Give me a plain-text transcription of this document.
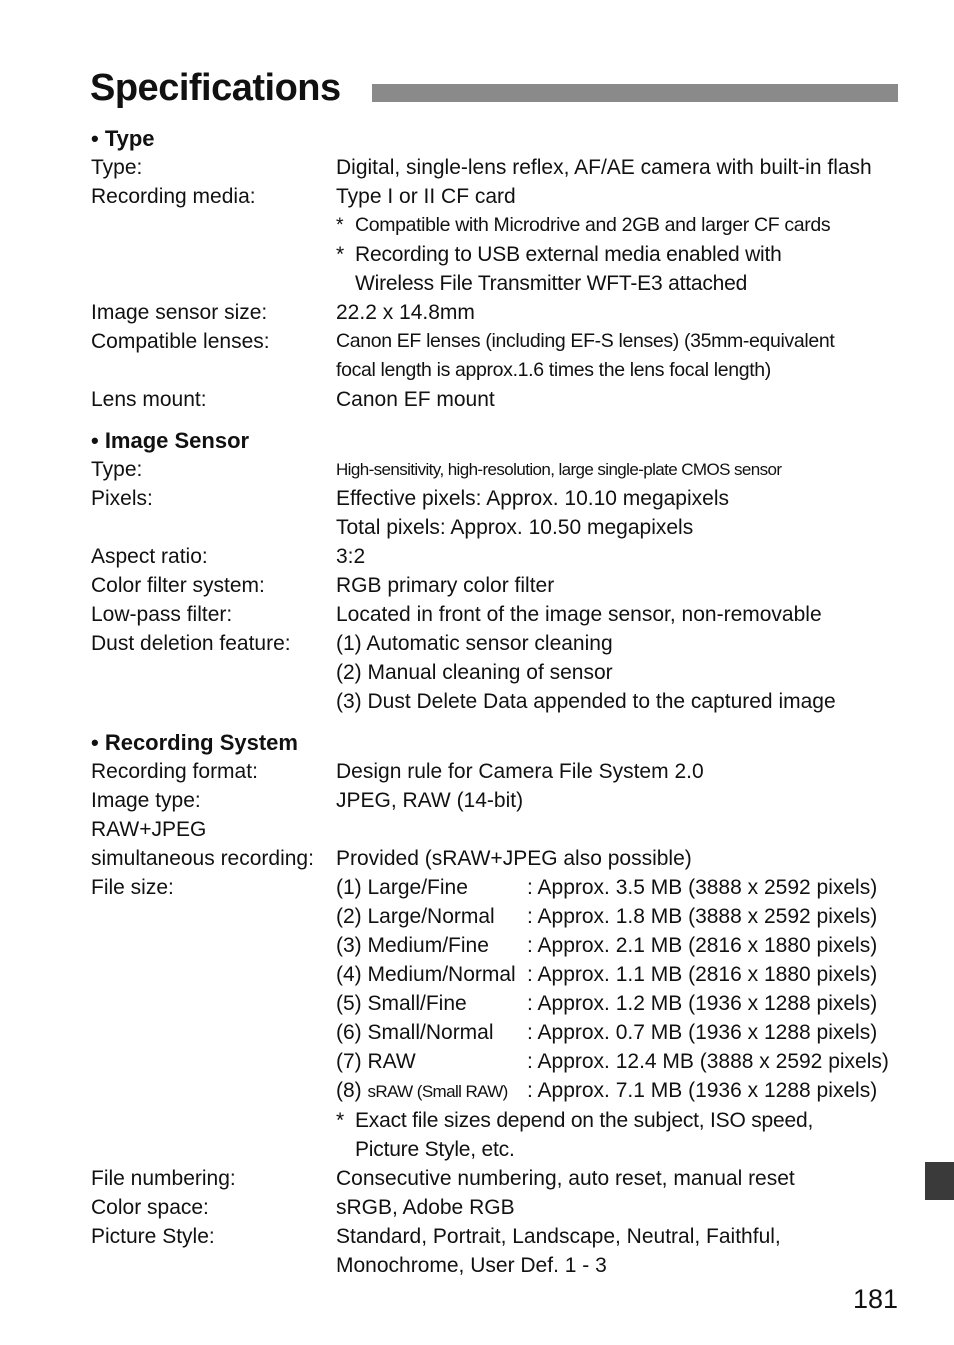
Specifications

• Type

Type:	Digital, single-lens reflex, AF/AE camera with built-in flash
Recording media:	Type I or II CF card
* Compatible with Microdrive and 2GB and larger CF cards
* Recording to USB external media enabled with
Wireless File Transmitter WFT-E3 attached
Image sensor size:	22.2 x 14.8mm
Compatible lenses:	Canon EF lenses (including EF-S lenses) (35mm-equivalent
focal length is approx.1.6 times the lens focal length)
Lens mount:	Canon EF mount

• Image Sensor

Type:	High-sensitivity, high-resolution, large single-plate CMOS sensor
Pixels:	Effective pixels: Approx. 10.10 megapixels
Total pixels: Approx. 10.50 megapixels
Aspect ratio:	3:2
Color filter system:	RGB primary color filter
Low-pass filter:	Located in front of the image sensor, non-removable
Dust deletion feature:	(1) Automatic sensor cleaning
(2) Manual cleaning of sensor
(3) Dust Delete Data appended to the captured image

• Recording System

Recording format:	Design rule for Camera File System 2.0
Image type:	JPEG, RAW (14-bit)
RAW+JPEG
simultaneous recording:	Provided (sRAW+JPEG also possible)
File size:	(1) Large/Fine	: Approx. 3.5 MB (3888 x 2592 pixels)
(2) Large/Normal	: Approx. 1.8 MB (3888 x 2592 pixels)
(3) Medium/Fine	: Approx. 2.1 MB (2816 x 1880 pixels)
(4) Medium/Normal : Approx. 1.1 MB (2816 x 1880 pixels)
(5) Small/Fine	: Approx. 1.2 MB (1936 x 1288 pixels)
(6) Small/Normal	: Approx. 0.7 MB (1936 x 1288 pixels)
(7) RAW	: Approx. 12.4 MB (3888 x 2592 pixels)
(8) sRAW (Small RAW) : Approx. 7.1 MB (1936 x 1288 pixels)
* Exact file sizes depend on the subject, ISO speed,
Picture Style, etc.
File numbering:	Consecutive numbering, auto reset, manual reset
Color space:	sRGB, Adobe RGB
Picture Style:	Standard, Portrait, Landscape, Neutral, Faithful,
Monochrome, User Def. 1 - 3
181
